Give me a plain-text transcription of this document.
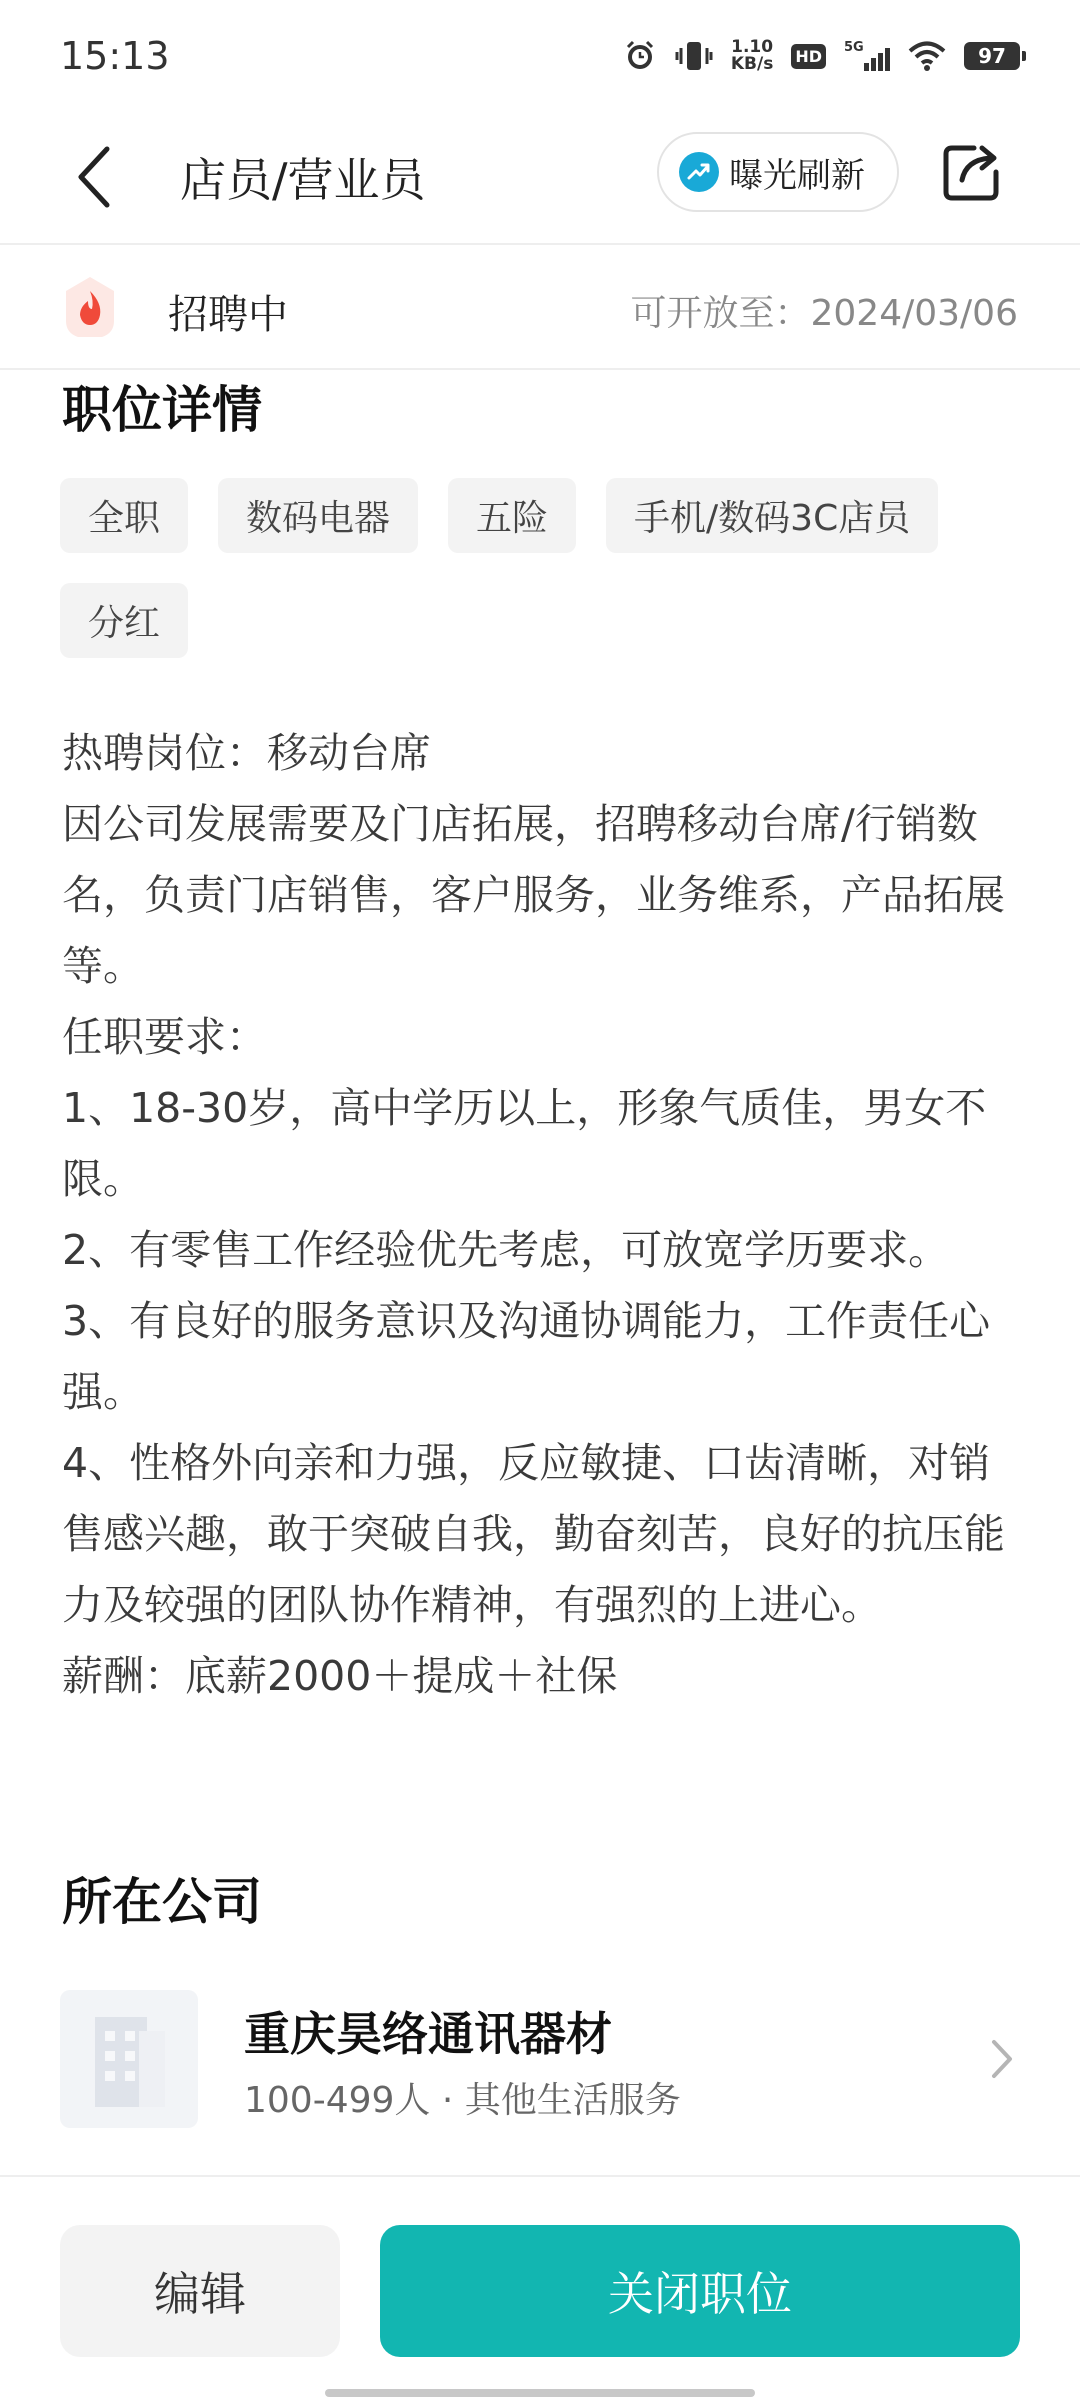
15:13	1.10
KB/s HD	5G	97
店员/营业员	曝光刷新
招聘中	可开放至：2024/03/06
职位详情
全职	数码电器	五险	手机/数码3C店员
分红
热聘岗位：移动台席
因公司发展需要及门店拓展，招聘移动台席/行销数名，负责门店销售，客户服务，业务维系，产品拓展等。
任职要求：
1、18-30岁，高中学历以上，形象气质佳，男女不限。
2、有零售工作经验优先考虑，可放宽学历要求。
3、有良好的服务意识及沟通协调能力，工作责任心强。
4、性格外向亲和力强，反应敏捷、口齿清晰，对销售感兴趣，敢于突破自我，勤奋刻苦，良好的抗压能力及较强的团队协作精神，有强烈的上进心。
薪酬：底薪2000＋提成＋社保
所在公司
重庆昊络通讯器材
100-499人 · 其他生活服务
编辑	关闭职位
